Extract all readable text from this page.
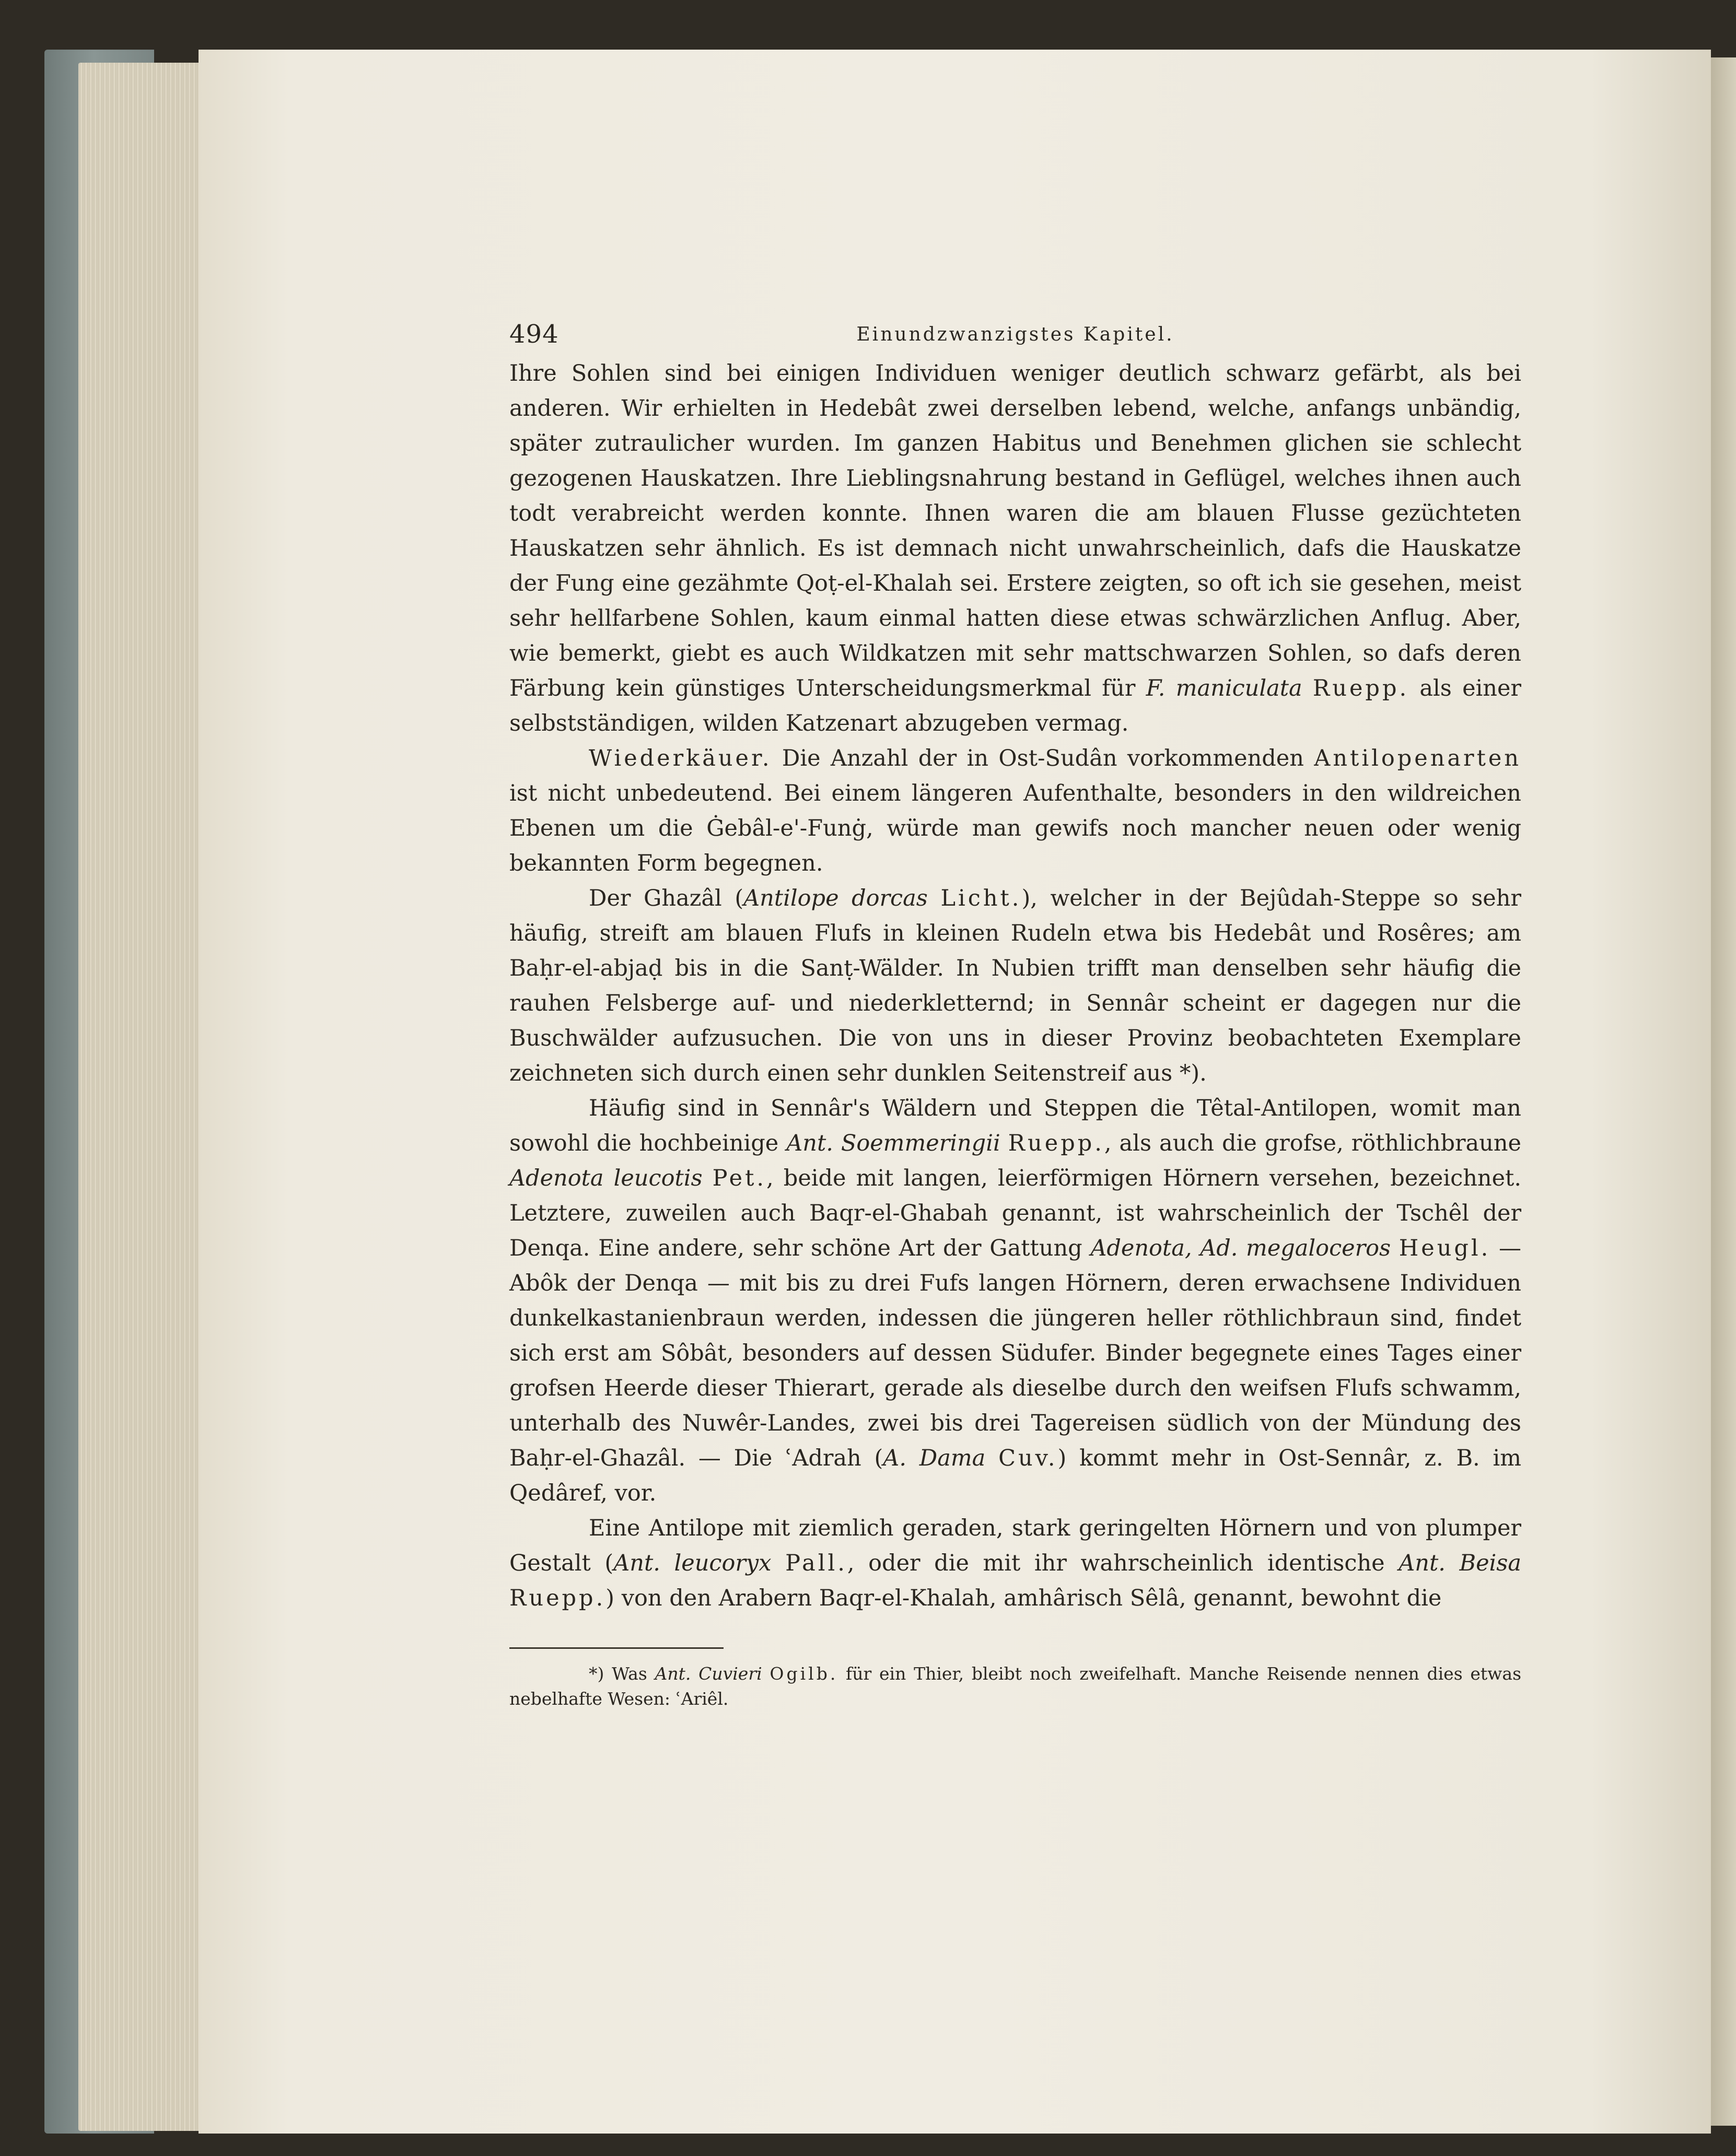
494	Einundzwanzigstes Kapitel.

Ihre Sohlen sind bei einigen Individuen weniger deutlich schwarz gefärbt, als bei anderen. Wir erhielten in Hedebât zwei derselben lebend, welche, anfangs unbändig, später zutraulicher wurden. Im ganzen Habitus und Benehmen glichen sie schlecht gezogenen Hauskatzen. Ihre Lieblingsnahrung bestand in Geflügel, welches ihnen auch todt verabreicht werden konnte. Ihnen waren die am blauen Flusse gezüchteten Hauskatzen sehr ähnlich. Es ist demnach nicht unwahrscheinlich, dafs die Hauskatze der Fung eine gezähmte Qoṭ-el-Khalah sei. Erstere zeigten, so oft ich sie gesehen, meist sehr hellfarbene Sohlen, kaum einmal hatten diese etwas schwärzlichen Anflug. Aber, wie bemerkt, giebt es auch Wildkatzen mit sehr mattschwarzen Sohlen, so dafs deren Färbung kein günstiges Unterscheidungsmerkmal für F. maniculata Ruepp. als einer selbstständigen, wilden Katzenart abzugeben vermag.

Wiederkäuer. Die Anzahl der in Ost-Sudân vorkommenden Antilopenarten ist nicht unbedeutend. Bei einem längeren Aufenthalte, besonders in den wildreichen Ebenen um die Ġebâl-e'-Funġ, würde man gewifs noch mancher neuen oder wenig bekannten Form begegnen.

Der Ghazâl (Antilope dorcas Licht.), welcher in der Bejûdah-Steppe so sehr häufig, streift am blauen Flufs in kleinen Rudeln etwa bis Hedebât und Rosêres; am Baḥr-el-abjaḍ bis in die Sanṭ-Wälder. In Nubien trifft man denselben sehr häufig die rauhen Felsberge auf- und niederkletternd; in Sennâr scheint er dagegen nur die Buschwälder aufzusuchen. Die von uns in dieser Provinz beobachteten Exemplare zeichneten sich durch einen sehr dunklen Seitenstreif aus *).

Häufig sind in Sennâr's Wäldern und Steppen die Têtal-Antilopen, womit man sowohl die hochbeinige Ant. Soemmeringii Ruepp., als auch die grofse, röthlichbraune Adenota leucotis Pet., beide mit langen, leierförmigen Hörnern versehen, bezeichnet. Letztere, zuweilen auch Baqr-el-Ghabah genannt, ist wahrscheinlich der Tschêl der Denqa. Eine andere, sehr schöne Art der Gattung Adenota, Ad. megaloceros Heugl. — Abôk der Denqa — mit bis zu drei Fufs langen Hörnern, deren erwachsene Individuen dunkelkastanienbraun werden, indessen die jüngeren heller röthlichbraun sind, findet sich erst am Sôbât, besonders auf dessen Südufer. Binder begegnete eines Tages einer grofsen Heerde dieser Thierart, gerade als dieselbe durch den weifsen Flufs schwamm, unterhalb des Nuwêr-Landes, zwei bis drei Tagereisen südlich von der Mündung des Baḥr-el-Ghazâl. — Die ʿAdrah (A. Dama Cuv.) kommt mehr in Ost-Sennâr, z. B. im Qedâref, vor.

Eine Antilope mit ziemlich geraden, stark geringelten Hörnern und von plumper Gestalt (Ant. leucoryx Pall., oder die mit ihr wahrscheinlich identische Ant. Beisa Ruepp.) von den Arabern Baqr-el-Khalah, amhârisch Sêlâ, genannt, bewohnt die

*) Was Ant. Cuvieri Ogilb. für ein Thier, bleibt noch zweifelhaft. Manche Reisende nennen dies etwas nebelhafte Wesen: ʿAriêl.
